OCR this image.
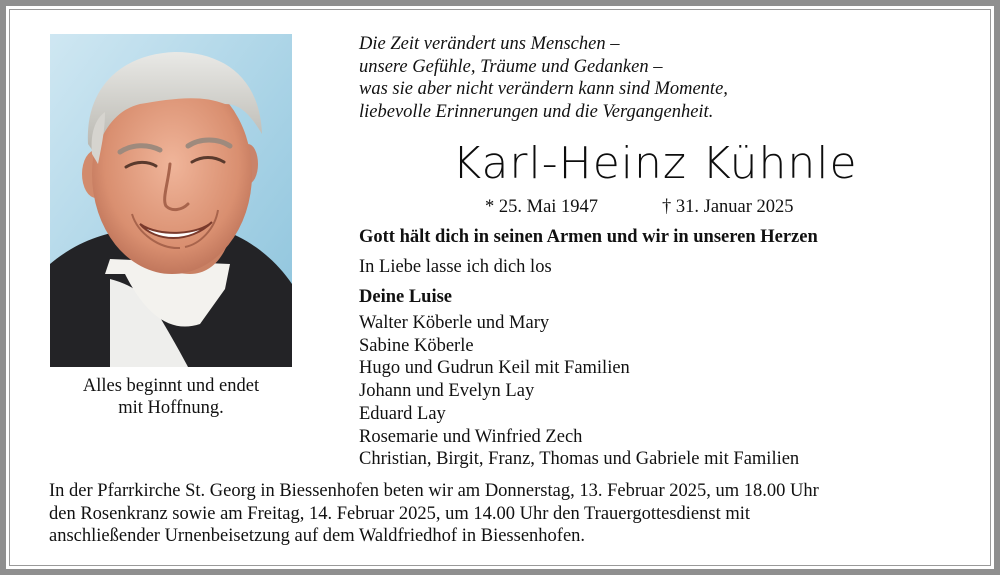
Alles beginnt und endet
mit Hoffnung.
Die Zeit verändert uns Menschen –
unsere Gefühle, Träume und Gedanken –
was sie aber nicht verändern kann sind Momente,
liebevolle Erinnerungen und die Vergangenheit.
Karl-Heinz Kühnle
* 25. Mai 1947	† 31. Januar 2025
Gott hält dich in seinen Armen und wir in unseren Herzen
In Liebe lasse ich dich los
Deine Luise
Walter Köberle und Mary
Sabine Köberle
Hugo und Gudrun Keil mit Familien
Johann und Evelyn Lay
Eduard Lay
Rosemarie und Winfried Zech
Christian, Birgit, Franz, Thomas und Gabriele mit Familien
In der Pfarrkirche St. Georg in Biessenhofen beten wir am Donnerstag, 13. Februar 2025, um 18.00 Uhr
den Rosenkranz sowie am Freitag, 14. Februar 2025, um 14.00 Uhr den Trauergottesdienst mit
anschließender Urnenbeisetzung auf dem Waldfriedhof in Biessenhofen.
